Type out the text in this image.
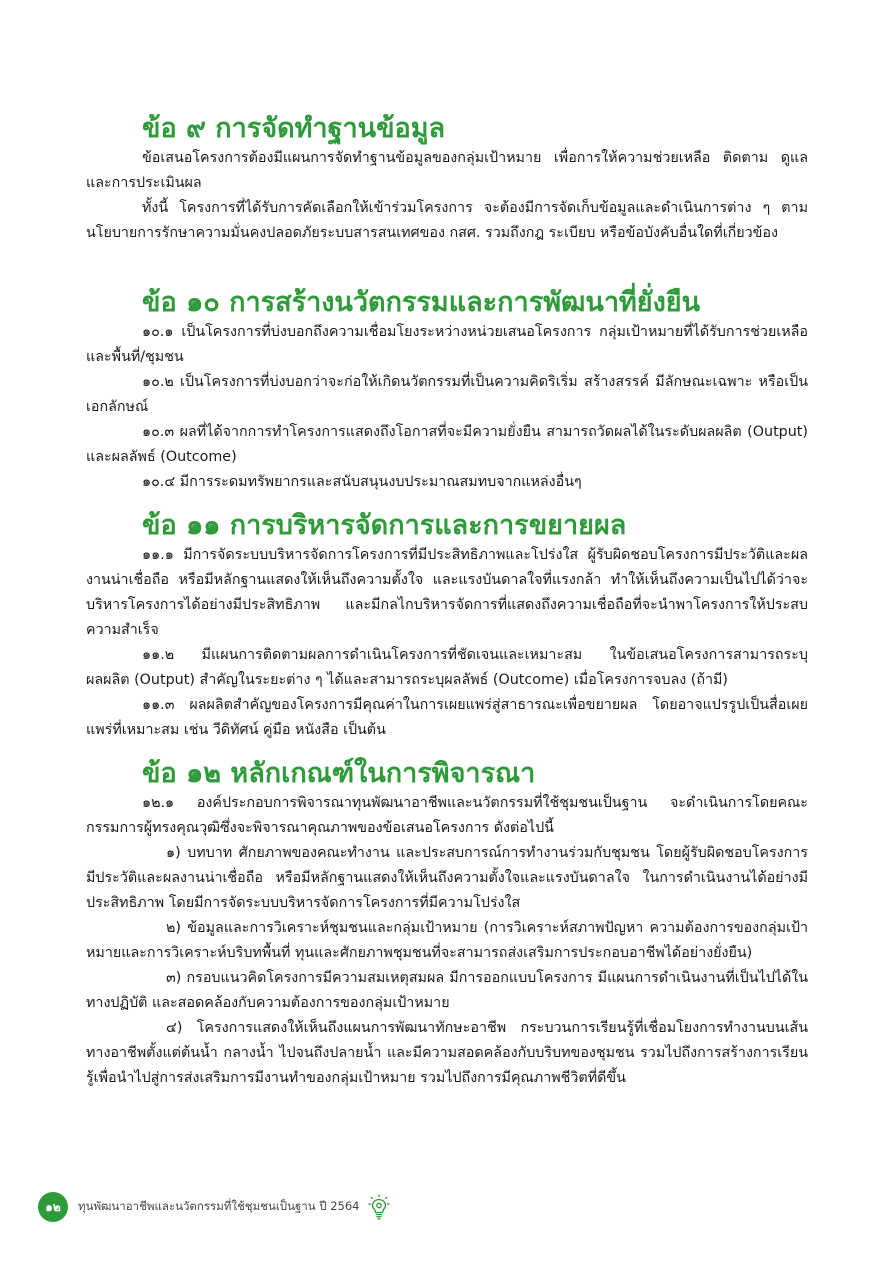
ข้อ ๙ การจัดทำฐานข้อมูล

ข้อเสนอโครงการต้องมีแผนการจัดทำฐานข้อมูลของกลุ่มเป้าหมาย เพื่อการให้ความช่วยเหลือ ติดตาม ดูแล และการประเมินผล

ทั้งนี้ โครงการที่ได้รับการคัดเลือกให้เข้าร่วมโครงการ จะต้องมีการจัดเก็บข้อมูลและดำเนินการต่าง ๆ ตามนโยบายการรักษาความมั่นคงปลอดภัยระบบสารสนเทศของ กสศ. รวมถึงกฎ ระเบียบ หรือข้อบังคับอื่นใดที่เกี่ยวข้อง

ข้อ ๑๐ การสร้างนวัตกรรมและการพัฒนาที่ยั่งยืน

๑๐.๑ เป็นโครงการที่บ่งบอกถึงความเชื่อมโยงระหว่างหน่วยเสนอโครงการ กลุ่มเป้าหมายที่ได้รับการช่วยเหลือและพื้นที่/ชุมชน

๑๐.๒ เป็นโครงการที่บ่งบอกว่าจะก่อให้เกิดนวัตกรรมที่เป็นความคิดริเริ่ม สร้างสรรค์ มีลักษณะเฉพาะ หรือเป็นเอกลักษณ์

๑๐.๓ ผลที่ได้จากการทำโครงการแสดงถึงโอกาสที่จะมีความยั่งยืน สามารถวัดผลได้ในระดับผลผลิต (Output) และผลลัพธ์ (Outcome)

๑๐.๔ มีการระดมทรัพยากรและสนับสนุนงบประมาณสมทบจากแหล่งอื่นๆ

ข้อ ๑๑ การบริหารจัดการและการขยายผล

๑๑.๑ มีการจัดระบบบริหารจัดการโครงการที่มีประสิทธิภาพและโปร่งใส ผู้รับผิดชอบโครงการมีประวัติและผลงานน่าเชื่อถือ หรือมีหลักฐานแสดงให้เห็นถึงความตั้งใจ และแรงบันดาลใจที่แรงกล้า ทำให้เห็นถึงความเป็นไปได้ว่าจะบริหารโครงการได้อย่างมีประสิทธิภาพ และมีกลไกบริหารจัดการที่แสดงถึงความเชื่อถือที่จะนำพาโครงการให้ประสบความสำเร็จ

๑๑.๒ มีแผนการติดตามผลการดำเนินโครงการที่ชัดเจนและเหมาะสม ในข้อเสนอโครงการสามารถระบุ ผลผลิต (Output) สำคัญในระยะต่าง ๆ ได้และสามารถระบุผลลัพธ์ (Outcome) เมื่อโครงการจบลง (ถ้ามี)

๑๑.๓ ผลผลิตสำคัญของโครงการมีคุณค่าในการเผยแพร่สู่สาธารณะเพื่อขยายผล โดยอาจแปรรูปเป็นสื่อเผยแพร่ที่เหมาะสม เช่น วีดิทัศน์ คู่มือ หนังสือ เป็นต้น

ข้อ ๑๒ หลักเกณฑ์ในการพิจารณา

๑๒.๑ องค์ประกอบการพิจารณาทุนพัฒนาอาชีพและนวัตกรรมที่ใช้ชุมชนเป็นฐาน จะดำเนินการโดยคณะกรรมการผู้ทรงคุณวุฒิซึ่งจะพิจารณาคุณภาพของข้อเสนอโครงการ ดังต่อไปนี้

๑) บทบาท ศักยภาพของคณะทำงาน และประสบการณ์การทำงานร่วมกับชุมชน โดยผู้รับผิดชอบโครงการมีประวัติและผลงานน่าเชื่อถือ หรือมีหลักฐานแสดงให้เห็นถึงความตั้งใจและแรงบันดาลใจ ในการดำเนินงานได้อย่างมีประสิทธิภาพ โดยมีการจัดระบบบริหารจัดการโครงการที่มีความโปร่งใส

๒) ข้อมูลและการวิเคราะห์ชุมชนและกลุ่มเป้าหมาย (การวิเคราะห์สภาพปัญหา ความต้องการของกลุ่มเป้าหมายและการวิเคราะห์บริบทพื้นที่ ทุนและศักยภาพชุมชนที่จะสามารถส่งเสริมการประกอบอาชีพได้อย่างยั่งยืน)

๓) กรอบแนวคิดโครงการมีความสมเหตุสมผล มีการออกแบบโครงการ มีแผนการดำเนินงานที่เป็นไปได้ในทางปฏิบัติ และสอดคล้องกับความต้องการของกลุ่มเป้าหมาย

๔) โครงการแสดงให้เห็นถึงแผนการพัฒนาทักษะอาชีพ กระบวนการเรียนรู้ที่เชื่อมโยงการทำงานบนเส้นทางอาชีพตั้งแต่ต้นน้ำ กลางน้ำ ไปจนถึงปลายน้ำ และมีความสอดคล้องกับบริบทของชุมชน รวมไปถึงการสร้างการเรียนรู้เพื่อนำไปสู่การส่งเสริมการมีงานทำของกลุ่มเป้าหมาย รวมไปถึงการมีคุณภาพชีวิตที่ดีขึ้น

๑๒	ทุนพัฒนาอาชีพและนวัตกรรมที่ใช้ชุมชนเป็นฐาน ปี 2564
